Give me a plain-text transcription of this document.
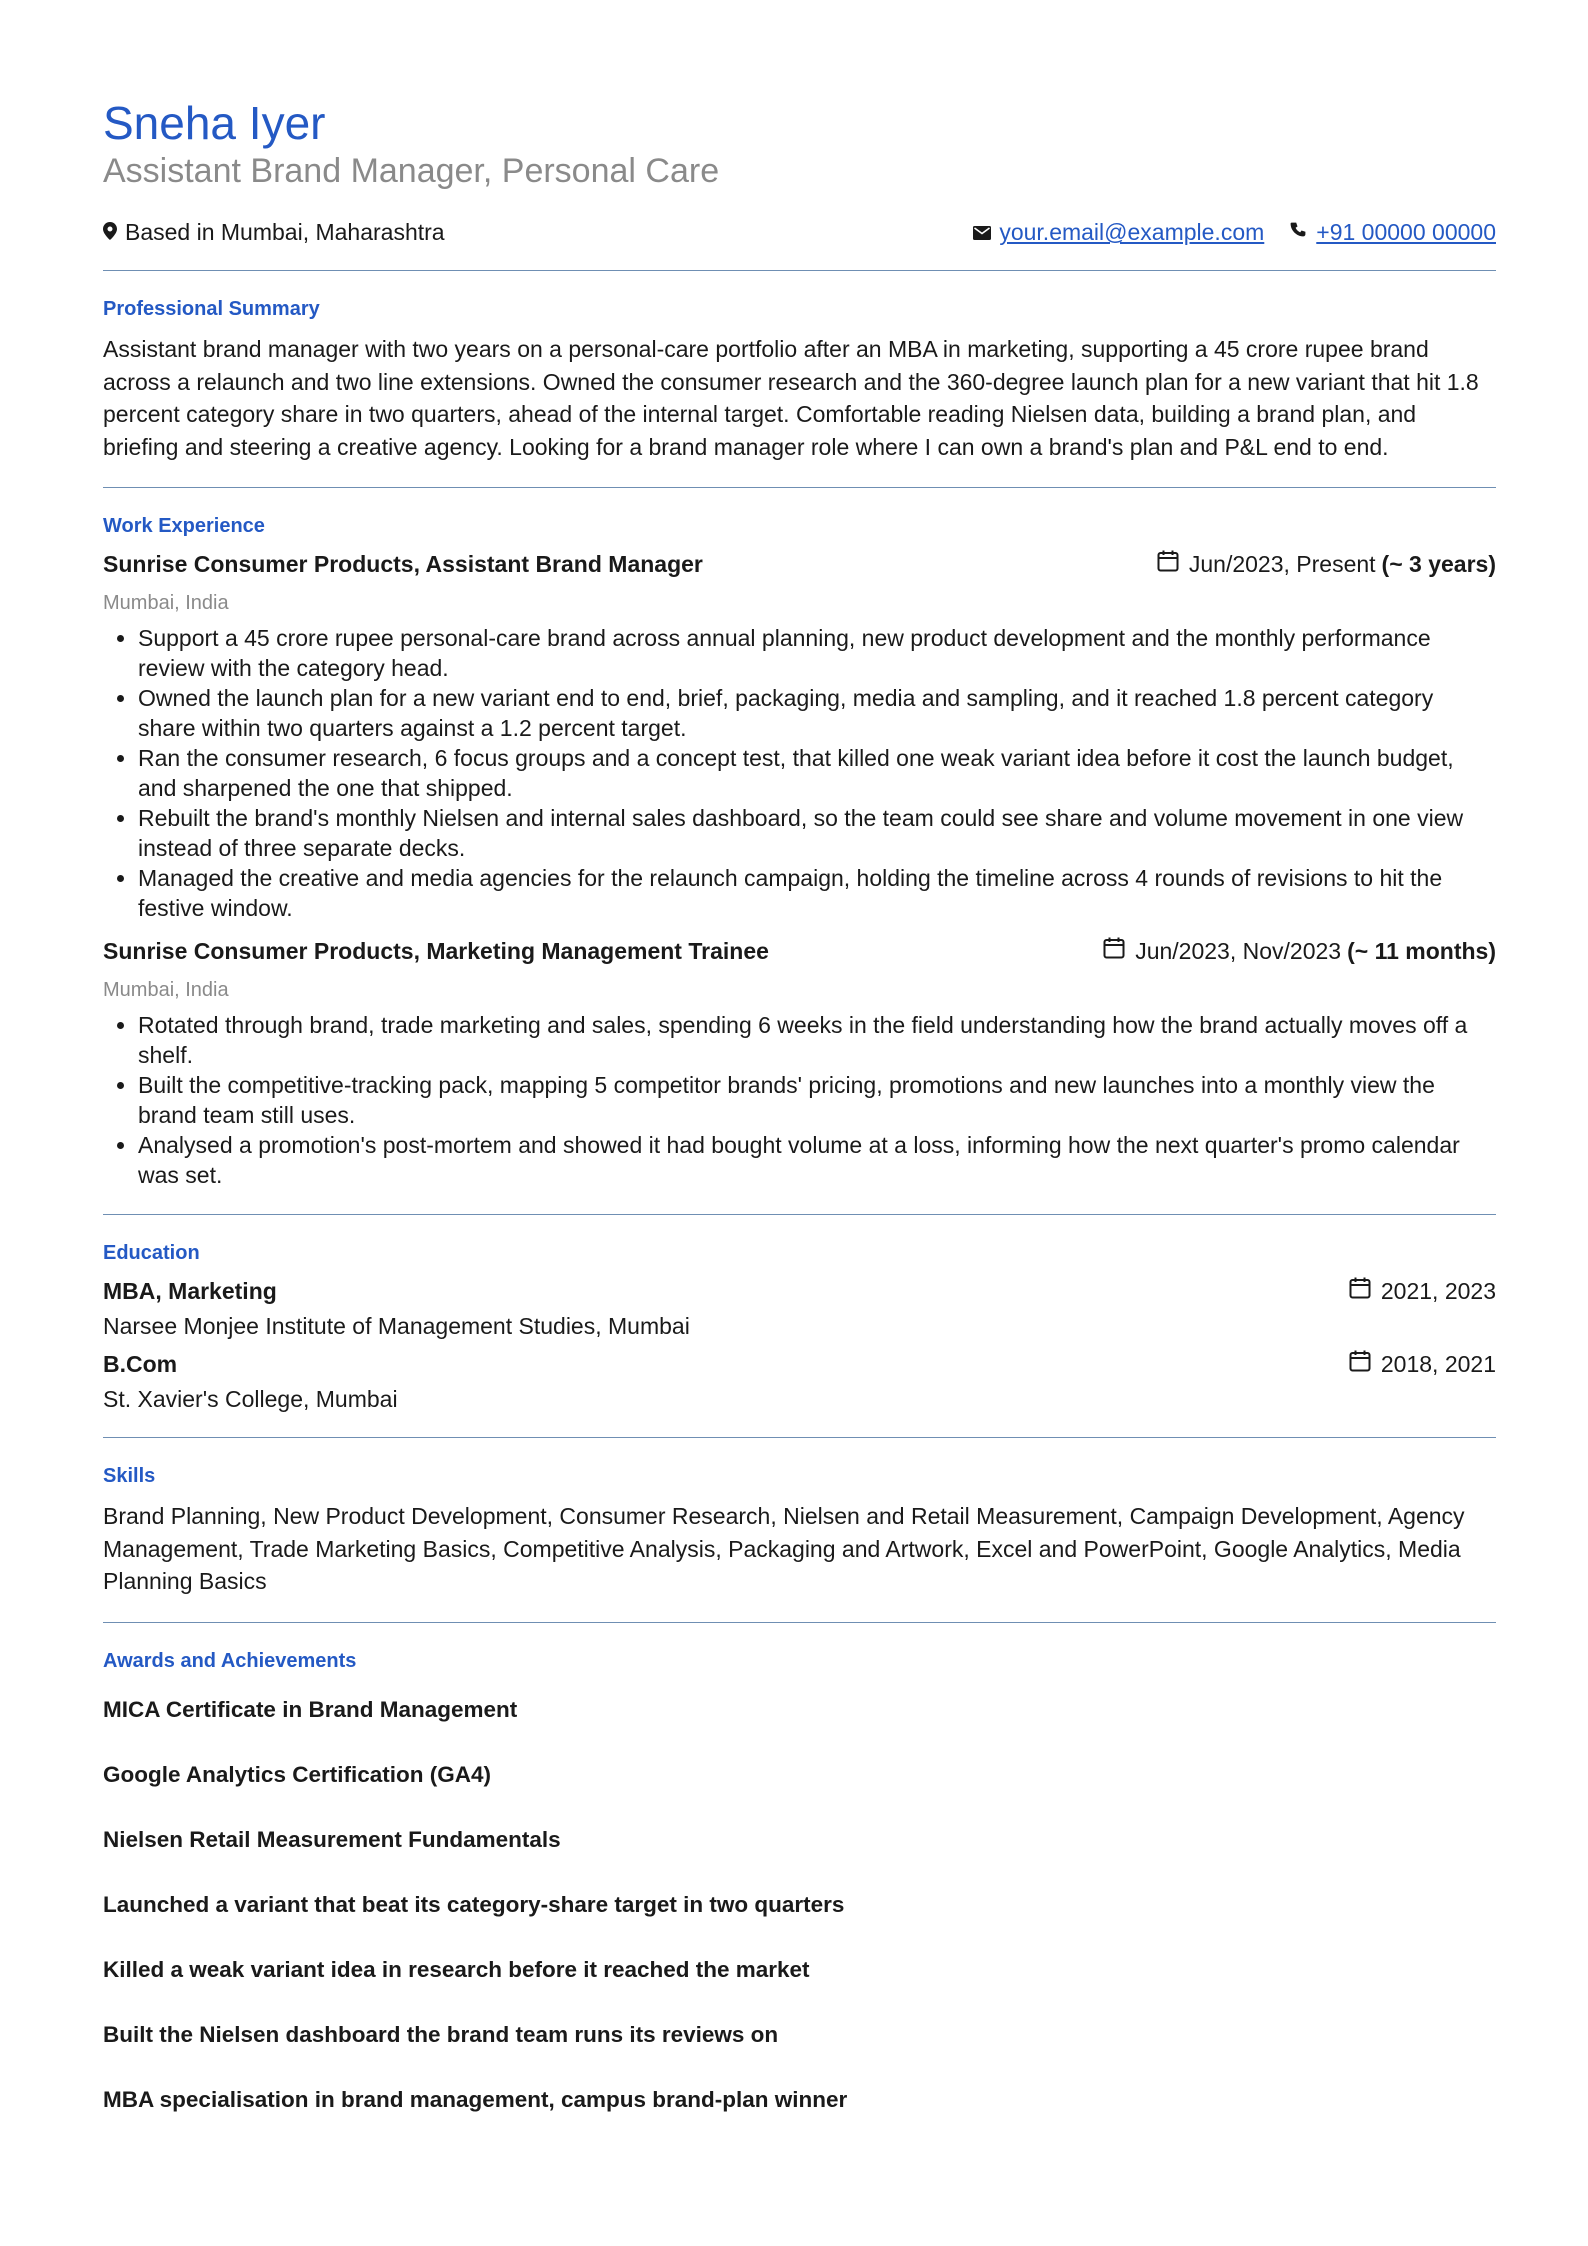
Sneha Iyer
Assistant Brand Manager, Personal Care
Based in Mumbai, Maharashtra	your.email@example.com +91 00000 00000
Professional Summary

Assistant brand manager with two years on a personal-care portfolio after an MBA in marketing, supporting a 45 crore rupee brand across a relaunch and two line extensions. Owned the consumer research and the 360-degree launch plan for a new variant that hit 1.8 percent category share in two quarters, ahead of the internal target. Comfortable reading Nielsen data, building a brand plan, and briefing and steering a creative agency. Looking for a brand manager role where I can own a brand's plan and P&L end to end.

Work Experience
Sunrise Consumer Products, Assistant Brand Manager	Jun/2023, Present (~ 3 years)
Mumbai, India
• Support a 45 crore rupee personal-care brand across annual planning, new product development and the monthly performance review with the category head.
• Owned the launch plan for a new variant end to end, brief, packaging, media and sampling, and it reached 1.8 percent category share within two quarters against a 1.2 percent target.
• Ran the consumer research, 6 focus groups and a concept test, that killed one weak variant idea before it cost the launch budget, and sharpened the one that shipped.
• Rebuilt the brand's monthly Nielsen and internal sales dashboard, so the team could see share and volume movement in one view instead of three separate decks.
• Managed the creative and media agencies for the relaunch campaign, holding the timeline across 4 rounds of revisions to hit the festive window.
Sunrise Consumer Products, Marketing Management Trainee	Jun/2023, Nov/2023 (~ 11 months)
Mumbai, India
• Rotated through brand, trade marketing and sales, spending 6 weeks in the field understanding how the brand actually moves off a shelf.
• Built the competitive-tracking pack, mapping 5 competitor brands' pricing, promotions and new launches into a monthly view the brand team still uses.
• Analysed a promotion's post-mortem and showed it had bought volume at a loss, informing how the next quarter's promo calendar was set.
Education
MBA, Marketing	2021, 2023
Narsee Monjee Institute of Management Studies, Mumbai
B.Com	2018, 2021
St. Xavier's College, Mumbai
Skills

Brand Planning, New Product Development, Consumer Research, Nielsen and Retail Measurement, Campaign Development, Agency Management, Trade Marketing Basics, Competitive Analysis, Packaging and Artwork, Excel and PowerPoint, Google Analytics, Media Planning Basics

Awards and Achievements

MICA Certificate in Brand Management

Google Analytics Certification (GA4)

Nielsen Retail Measurement Fundamentals

Launched a variant that beat its category-share target in two quarters

Killed a weak variant idea in research before it reached the market

Built the Nielsen dashboard the brand team runs its reviews on

MBA specialisation in brand management, campus brand-plan winner
